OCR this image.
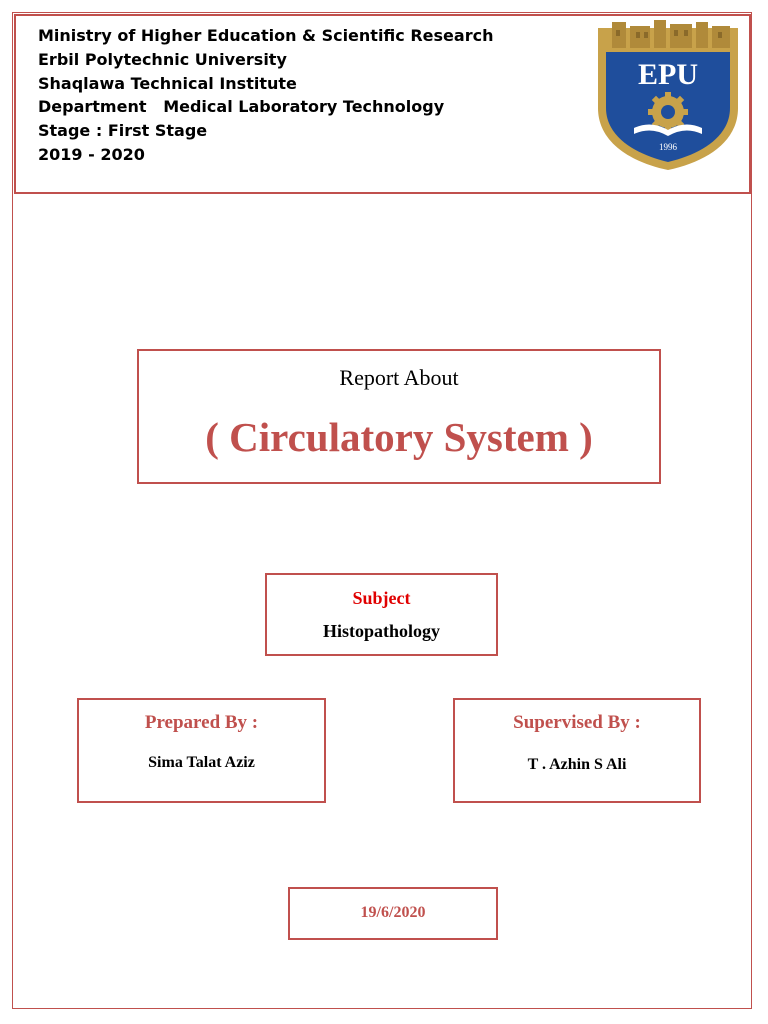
Ministry of Higher Education & Scientific Research
Erbil Polytechnic University
Shaqlawa Technical Institute
Department   Medical Laboratory Technology
Stage : First Stage
2019 - 2020
EPU
1996
Report About
( Circulatory System )
Subject
Histopathology
Prepared By :
Sima Talat Aziz
Supervised By :
T . Azhin S Ali
19/6/2020
